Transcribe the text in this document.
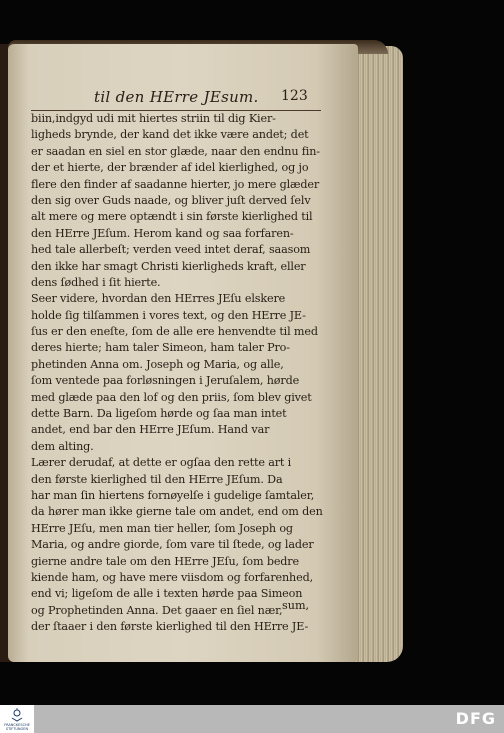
til den HErre JEsum. 123
biin,indgyd udi mit hiertes striin til dig Kier-
ligheds brynde, der kand det ikke være andet; det
er saadan en siel en stor glæde, naar den endnu fin-
der et hierte, der brænder af idel kierlighed, og jo
flere den finder af saadanne hierter, jo mere glæder
den sig over Guds naade, og bliver juſt derved ſelv
alt mere og mere optændt i sin første kierlighed til
den HErre JEſum. Herom kand og saa forfaren-
hed tale allerbeſt; verden veed intet deraf, saasom
den ikke har smagt Christi kierligheds kraft, eller
dens ſødhed i ſit hierte.
Seer videre, hvordan den HErres JEſu elskere
holde ſig tilſammen i vores text, og den HErre JE-
ſus er den eneſte, ſom de alle ere henvendte til med
deres hierte; ham taler Simeon, ham taler Pro-
phetinden Anna om. Joseph og Maria, og alle,
ſom ventede paa forløsningen i Jeruſalem, hørde
med glæde paa den lof og den priis, ſom blev givet
dette Barn. Da ligeſom hørde og ſaa man intet
andet, end bar den HErre JEſum. Hand var
dem alting.
Lærer derudaf, at dette er ogſaa den rette art i
den første kierlighed til den HErre JEſum. Da
har man ſin hiertens fornøyelſe i gudelige ſamtaler,
da hører man ikke gierne tale om andet, end om den
HErre JEſu, men man tier heller, ſom Joseph og
Maria, og andre giorde, ſom vare til ſtede, og lader
gierne andre tale om den HErre JEſu, ſom bedre
kiende ham, og have mere viisdom og forfarenhed,
end vi; ligeſom de alle i texten hørde paa Simeon
og Prophetinden Anna. Det gaaer en ſiel nær,
der ſtaaer i den første kierlighed til den HErre JE-
sum,
FRANCKESCHE STIFTUNGEN
DFG
